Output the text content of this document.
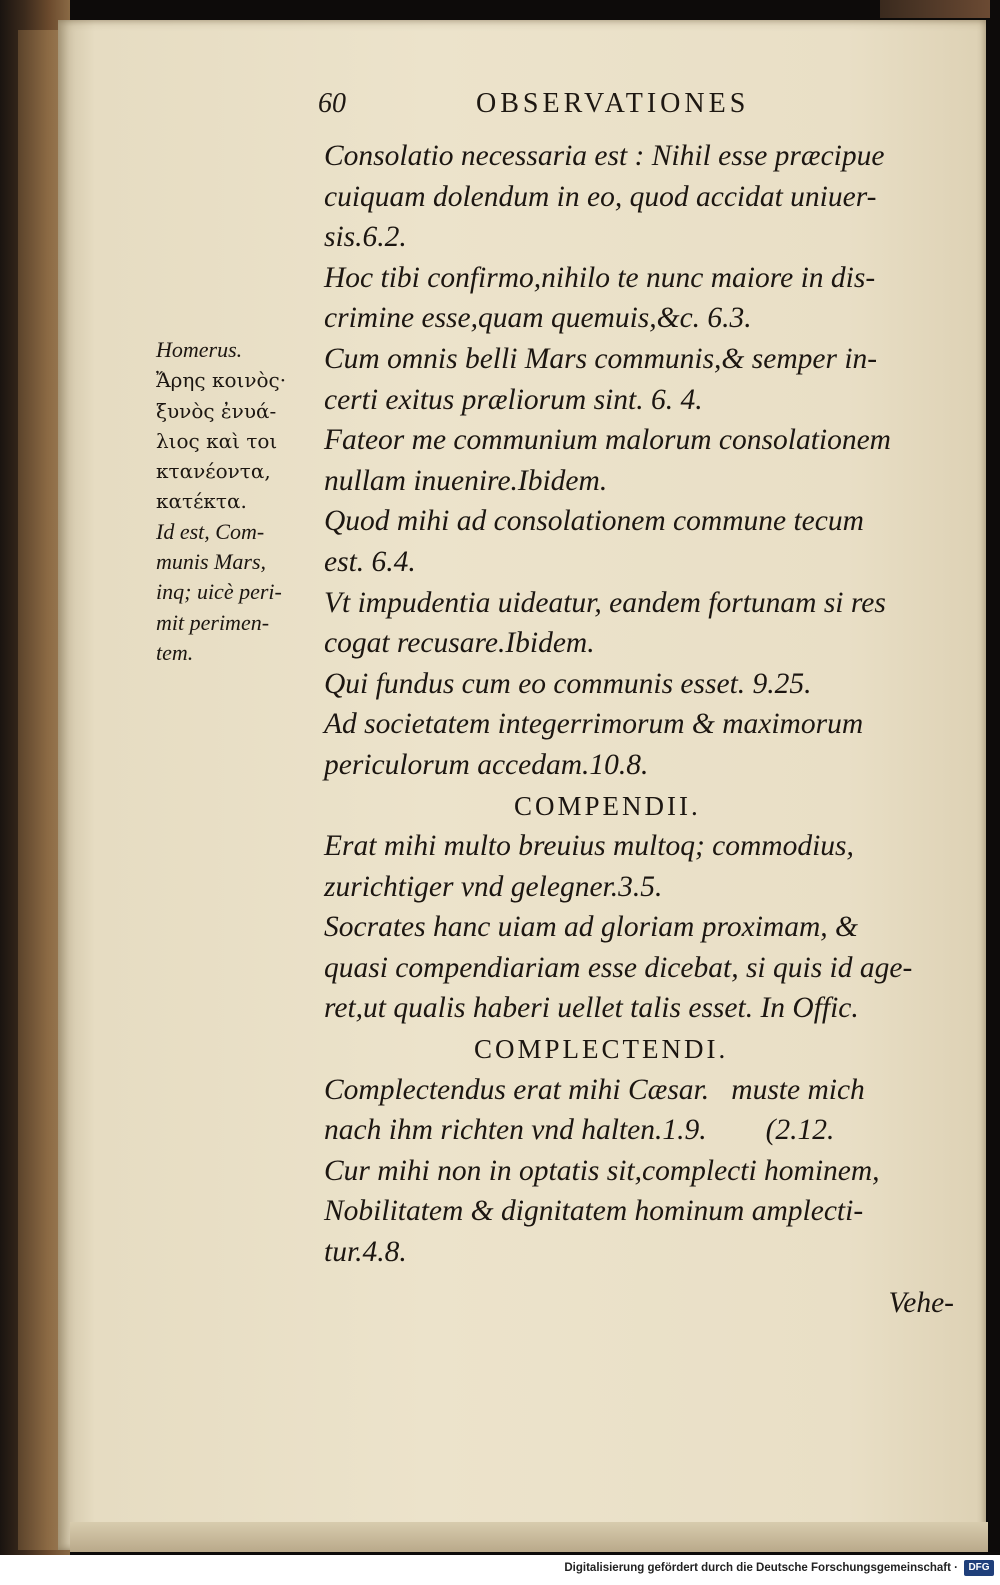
60	OBSERVATIONES
Homerus.
Ἄρης κοινὸς·
ξυνὸς ἐνυά-
λιος καὶ τοι
κτανέοντα,
κατέκτα.
Id est, Com-
munis Mars,
inq; uicè peri-
mit perimen-
tem.
Consolatio necessaria est : Nihil esse præcipue
cuiquam dolendum in eo, quod accidat uniuer-
sis.6.2.
Hoc tibi confirmo,nihilo te nunc maiore in dis-
crimine esse,quam quemuis,&c. 6.3.
Cum omnis belli Mars communis,& semper in-
certi exitus præliorum sint. 6. 4.
Fateor me communium malorum consolationem
nullam inuenire.Ibidem.
Quod mihi ad consolationem commune tecum
est. 6.4.
Vt impudentia uideatur, eandem fortunam si res
cogat recusare.Ibidem.
Qui fundus cum eo communis esset. 9.25.
Ad societatem integerrimorum & maximorum
periculorum accedam.10.8.
COMPENDII.
Erat mihi multo breuius multoq; commodius,
zurichtiger vnd gelegner.3.5.
Socrates hanc uiam ad gloriam proximam, &
quasi compendiariam esse dicebat, si quis id age-
ret,ut qualis haberi uellet talis esset. In Offic.
COMPLECTENDI.
Complectendus erat mihi Cæsar.   muste mich
nach ihm richten vnd halten.1.9.        (2.12.
Cur mihi non in optatis sit,complecti hominem,
Nobilitatem & dignitatem hominum amplecti-
tur.4.8.
Vehe-
Digitalisierung gefördert durch die Deutsche Forschungsgemeinschaft ·	DFG
